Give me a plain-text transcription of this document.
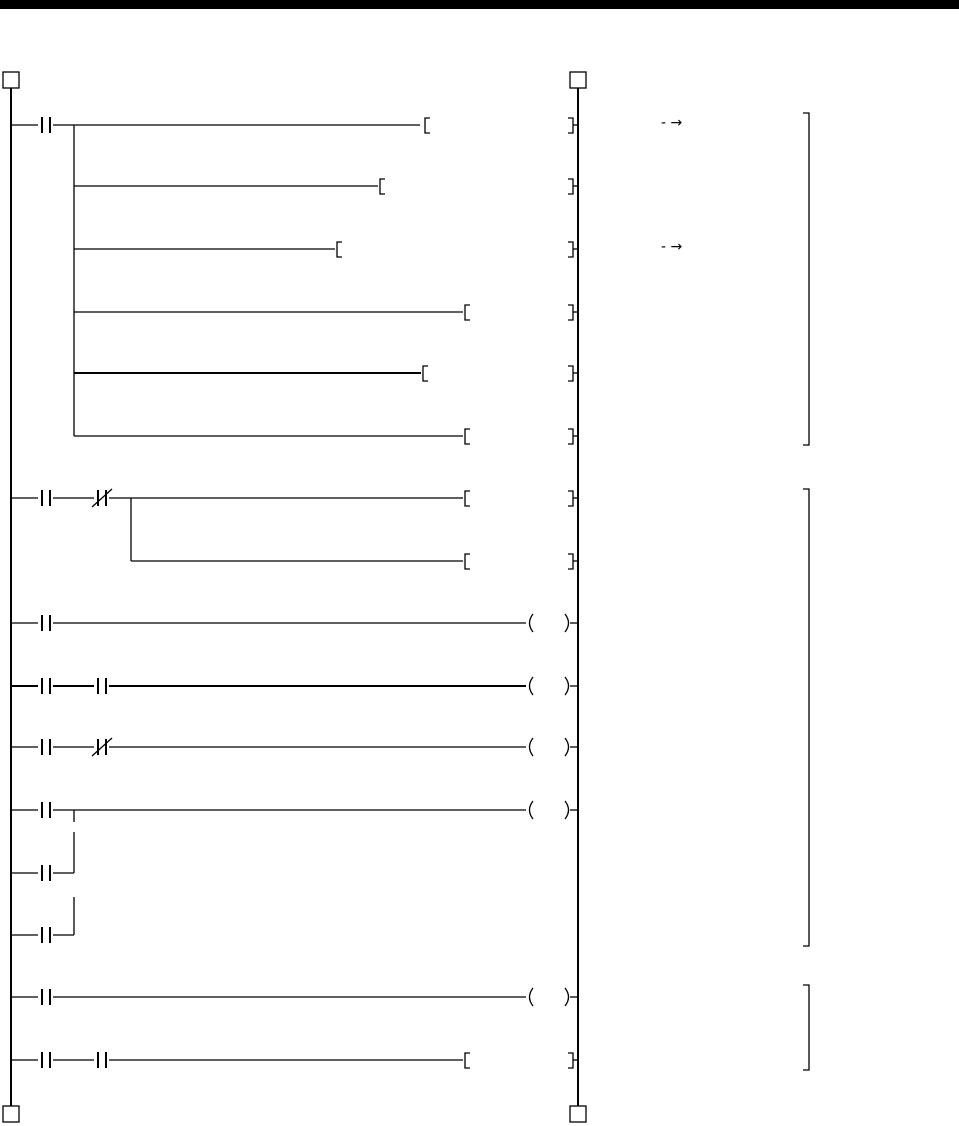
- →
- →
